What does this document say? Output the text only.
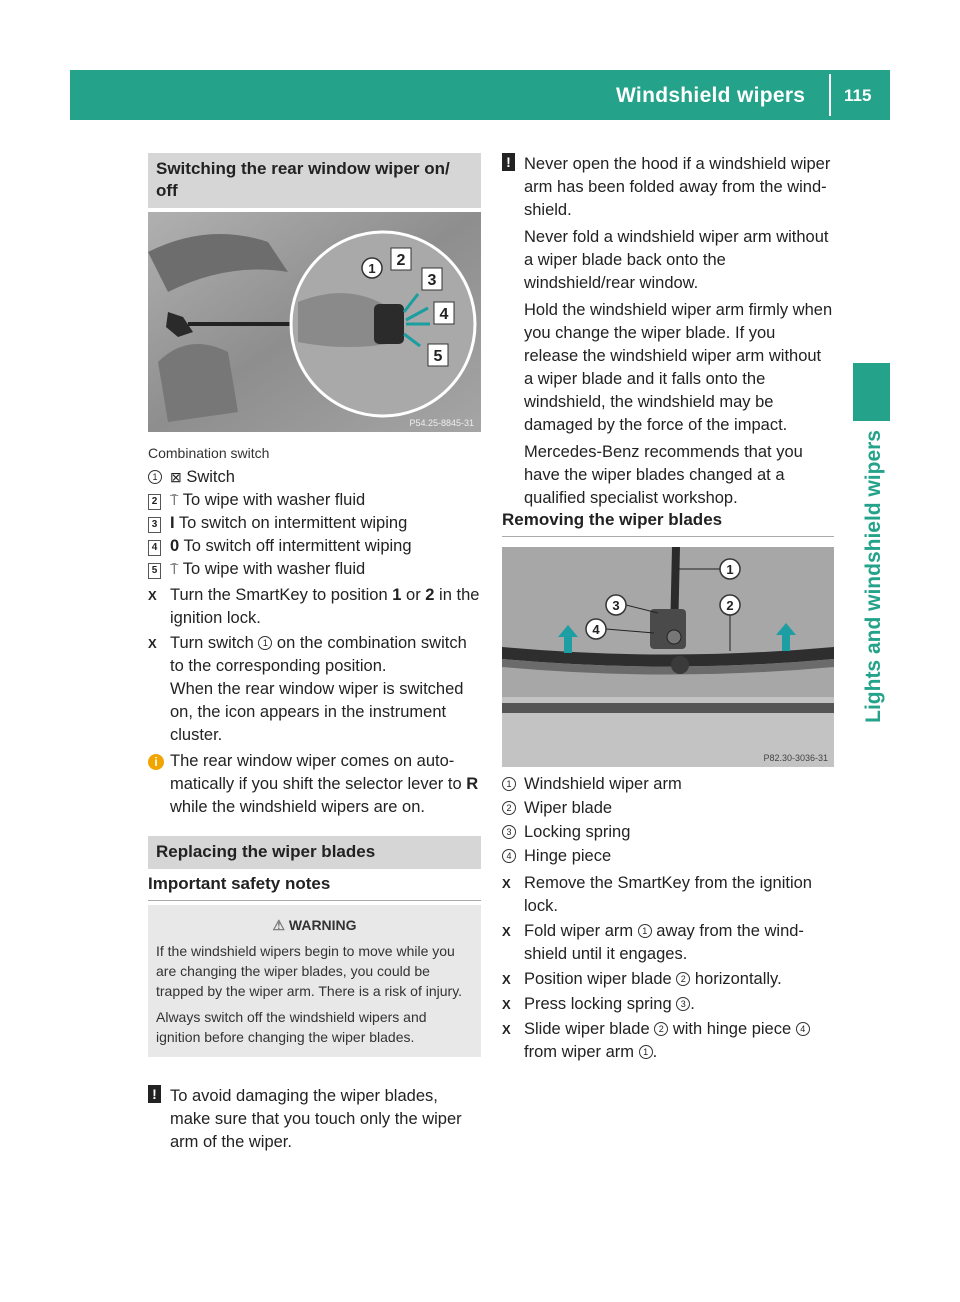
Windshield wipers 115
Lights and windshield wipers
Switching the rear window wiper on/ off
1 2
3
4
5
P54.25-8845-31

Combination switch

1 ⊠ Switch

2 ⍑ To wipe with washer fluid

3 I To switch on intermittent wiping

4 0 To switch off intermittent wiping

5 ⍑ To wipe with washer fluid

X Turn the SmartKey to position 1 or 2 in the ignition lock.

X Turn switch 1 on the combination switch to the corresponding position.

When the rear window wiper is switched on, the icon appears in the instrument cluster.

i The rear window wiper comes on auto-matically if you shift the selector lever to R while the windshield wipers are on.

Replacing the wiper blades
Important safety notes

⚠ WARNING

If the windshield wipers begin to move while you are changing the wiper blades, you could be trapped by the wiper arm. There is a risk of injury.

Always switch off the windshield wipers and ignition before changing the wiper blades.

! To avoid damaging the wiper blades, make sure that you touch only the wiper arm of the wiper.

! Never open the hood if a windshield wiper arm has been folded away from the wind-shield.

Never fold a windshield wiper arm without a wiper blade back onto the windshield/rear window.

Hold the windshield wiper arm firmly when you change the wiper blade. If you release the windshield wiper arm without a wiper blade and it falls onto the windshield, the windshield may be damaged by the force of the impact.

Mercedes-Benz recommends that you have the wiper blades changed at a qualified specialist workshop.

Removing the wiper blades
1
2
3
4
P82.30-3036-31

1 Windshield wiper arm

2 Wiper blade

3 Locking spring

4 Hinge piece

X Remove the SmartKey from the ignition lock.

X Fold wiper arm 1 away from the wind-shield until it engages.

X Position wiper blade 2 horizontally.

X Press locking spring 3 .

X Slide wiper blade 2 with hinge piece 4 from wiper arm 1 .
